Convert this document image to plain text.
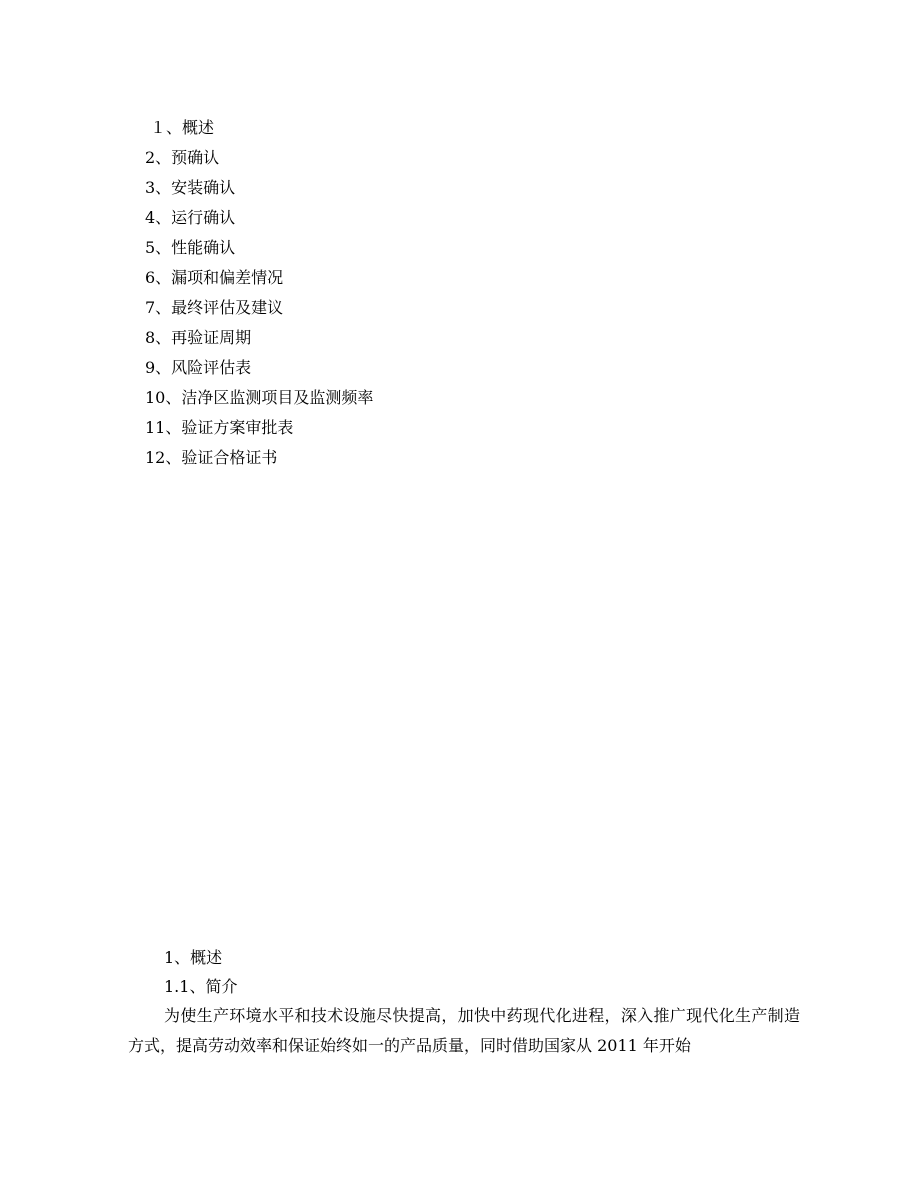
１、概述
2、预确认
3、安装确认
4、运行确认
5、性能确认
6、漏项和偏差情况
7、最终评估及建议
8、再验证周期
9、风险评估表
10、洁净区监测项目及监测频率
11、验证方案审批表
12、验证合格证书
1、概述
1.1、简介

为使生产环境水平和技术设施尽快提高，加快中药现代化进程，深入推广现代化生产制造方式，提高劳动效率和保证始终如一的产品质量，同时借助国家从 2011 年开始
